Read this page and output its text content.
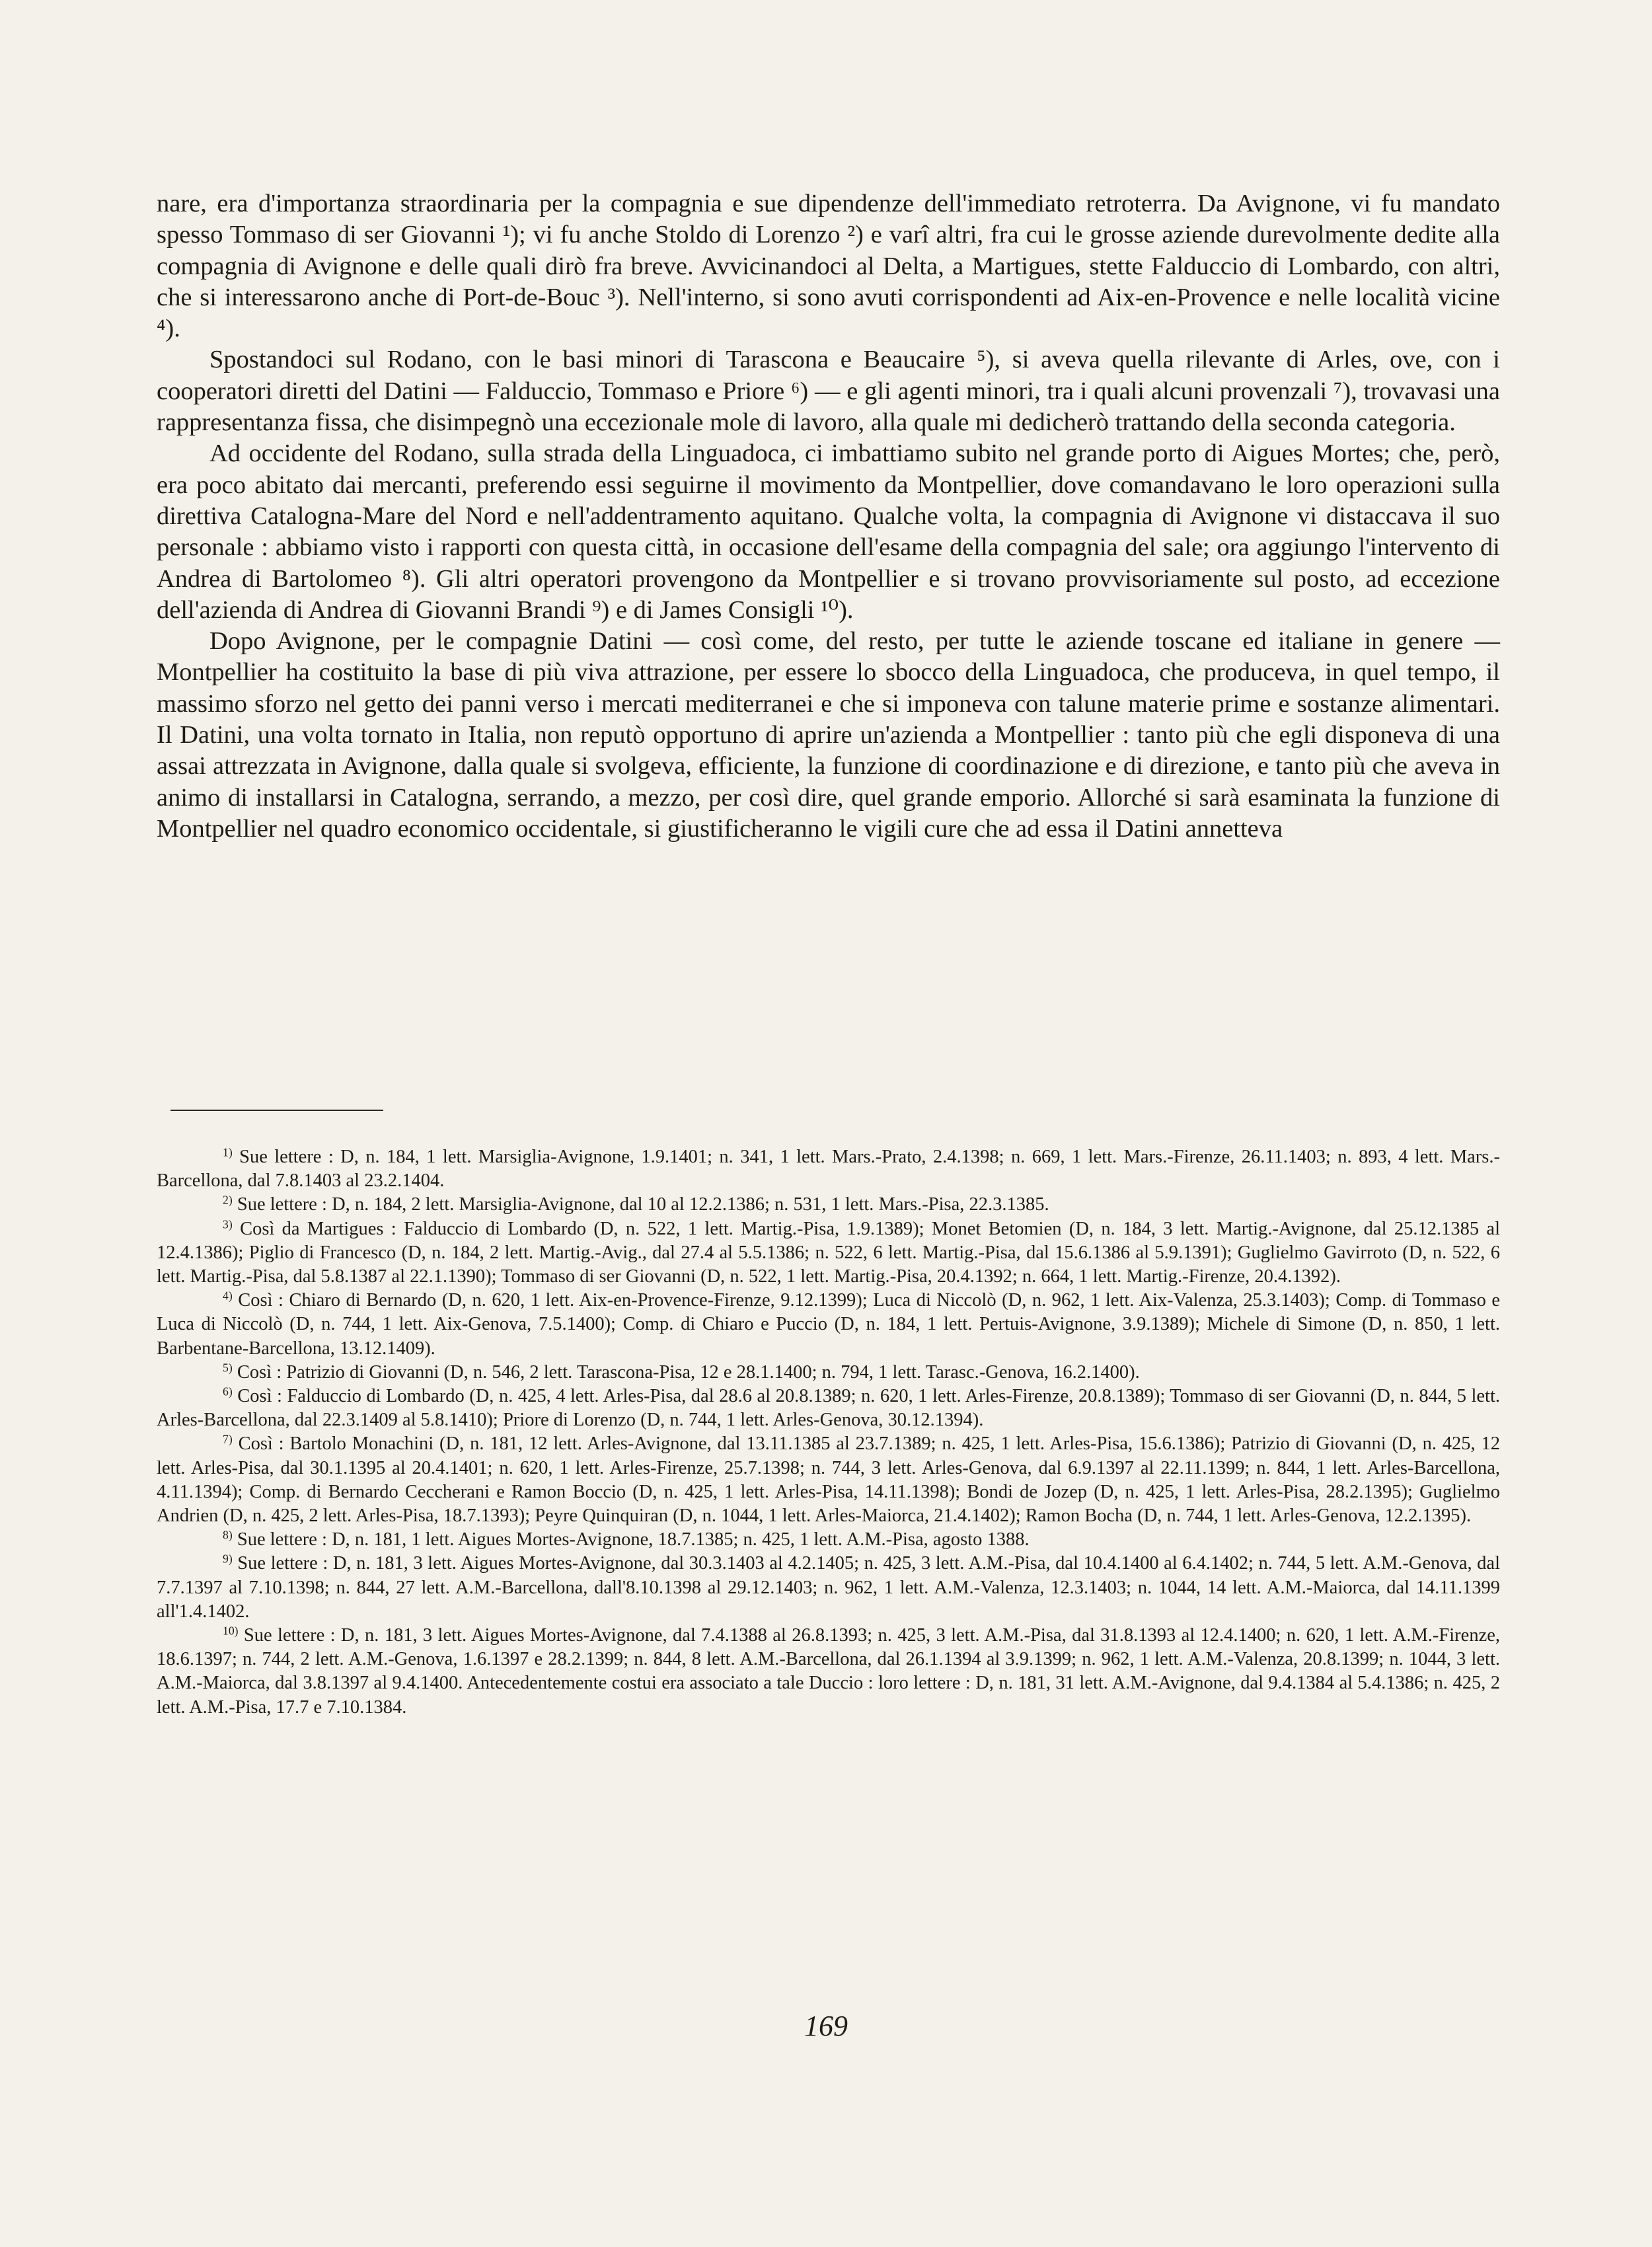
nare, era d'importanza straordinaria per la compagnia e sue dipendenze dell'immediato retroterra. Da Avignone, vi fu mandato spesso Tommaso di ser Giovanni ¹); vi fu anche Stoldo di Lorenzo ²) e varî altri, fra cui le grosse aziende durevolmente dedite alla compagnia di Avignone e delle quali dirò fra breve. Avvicinandoci al Delta, a Martigues, stette Falduccio di Lombardo, con altri, che si interessarono anche di Port-de-Bouc ³). Nell'interno, si sono avuti corrispondenti ad Aix-en-Provence e nelle località vicine ⁴).

Spostandoci sul Rodano, con le basi minori di Tarascona e Beaucaire ⁵), si aveva quella rilevante di Arles, ove, con i cooperatori diretti del Datini — Falduccio, Tommaso e Priore ⁶) — e gli agenti minori, tra i quali alcuni provenzali ⁷), trovavasi una rappresentanza fissa, che disimpegnò una eccezionale mole di lavoro, alla quale mi dedicherò trattando della seconda categoria.

Ad occidente del Rodano, sulla strada della Linguadoca, ci imbattiamo subito nel grande porto di Aigues Mortes; che, però, era poco abitato dai mercanti, preferendo essi seguirne il movimento da Montpellier, dove comandavano le loro operazioni sulla direttiva Catalogna-Mare del Nord e nell'addentramento aquitano. Qualche volta, la compagnia di Avignone vi distaccava il suo personale : abbiamo visto i rapporti con questa città, in occasione dell'esame della compagnia del sale; ora aggiungo l'intervento di Andrea di Bartolomeo ⁸). Gli altri operatori provengono da Montpellier e si trovano provvisoriamente sul posto, ad eccezione dell'azienda di Andrea di Giovanni Brandi ⁹) e di James Consigli ¹⁰).

Dopo Avignone, per le compagnie Datini — così come, del resto, per tutte le aziende toscane ed italiane in genere — Montpellier ha costituito la base di più viva attrazione, per essere lo sbocco della Linguadoca, che produceva, in quel tempo, il massimo sforzo nel getto dei panni verso i mercati mediterranei e che si imponeva con talune materie prime e sostanze alimentari. Il Datini, una volta tornato in Italia, non reputò opportuno di aprire un'azienda a Montpellier : tanto più che egli disponeva di una assai attrezzata in Avignone, dalla quale si svolgeva, efficiente, la funzione di coordinazione e di direzione, e tanto più che aveva in animo di installarsi in Catalogna, serrando, a mezzo, per così dire, quel grande emporio. Allorché si sarà esaminata la funzione di Montpellier nel quadro economico occidentale, si giustificheranno le vigili cure che ad essa il Datini annetteva

$^{1)}$ Sue lettere : D, n. 184, 1 lett. Marsiglia-Avignone, 1.9.1401; n. 341, 1 lett. Mars.-Prato, 2.4.1398; n. 669, 1 lett. Mars.-Firenze, 26.11.1403; n. 893, 4 lett. Mars.-Barcellona, dal 7.8.1403 al 23.2.1404.

$^{2)}$ Sue lettere : D, n. 184, 2 lett. Marsiglia-Avignone, dal 10 al 12.2.1386; n. 531, 1 lett. Mars.-Pisa, 22.3.1385.

$^{3)}$ Così da Martigues : Falduccio di Lombardo (D, n. 522, 1 lett. Martig.-Pisa, 1.9.1389); Monet Betomien (D, n. 184, 3 lett. Martig.-Avignone, dal 25.12.1385 al 12.4.1386); Piglio di Francesco (D, n. 184, 2 lett. Martig.-Avig., dal 27.4 al 5.5.1386; n. 522, 6 lett. Martig.-Pisa, dal 15.6.1386 al 5.9.1391); Guglielmo Gavirroto (D, n. 522, 6 lett. Martig.-Pisa, dal 5.8.1387 al 22.1.1390); Tommaso di ser Giovanni (D, n. 522, 1 lett. Martig.-Pisa, 20.4.1392; n. 664, 1 lett. Martig.-Firenze, 20.4.1392).

$^{4)}$ Così : Chiaro di Bernardo (D, n. 620, 1 lett. Aix-en-Provence-Firenze, 9.12.1399); Luca di Niccolò (D, n. 962, 1 lett. Aix-Valenza, 25.3.1403); Comp. di Tommaso e Luca di Niccolò (D, n. 744, 1 lett. Aix-Genova, 7.5.1400); Comp. di Chiaro e Puccio (D, n. 184, 1 lett. Pertuis-Avignone, 3.9.1389); Michele di Simone (D, n. 850, 1 lett. Barbentane-Barcellona, 13.12.1409).

$^{5)}$ Così : Patrizio di Giovanni (D, n. 546, 2 lett. Tarascona-Pisa, 12 e 28.1.1400; n. 794, 1 lett. Tarasc.-Genova, 16.2.1400).

$^{6)}$ Così : Falduccio di Lombardo (D, n. 425, 4 lett. Arles-Pisa, dal 28.6 al 20.8.1389; n. 620, 1 lett. Arles-Firenze, 20.8.1389); Tommaso di ser Giovanni (D, n. 844, 5 lett. Arles-Barcellona, dal 22.3.1409 al 5.8.1410); Priore di Lorenzo (D, n. 744, 1 lett. Arles-Genova, 30.12.1394).

$^{7)}$ Così : Bartolo Monachini (D, n. 181, 12 lett. Arles-Avignone, dal 13.11.1385 al 23.7.1389; n. 425, 1 lett. Arles-Pisa, 15.6.1386); Patrizio di Giovanni (D, n. 425, 12 lett. Arles-Pisa, dal 30.1.1395 al 20.4.1401; n. 620, 1 lett. Arles-Firenze, 25.7.1398; n. 744, 3 lett. Arles-Genova, dal 6.9.1397 al 22.11.1399; n. 844, 1 lett. Arles-Barcellona, 4.11.1394); Comp. di Bernardo Ceccherani e Ramon Boccio (D, n. 425, 1 lett. Arles-Pisa, 14.11.1398); Bondi de Jozep (D, n. 425, 1 lett. Arles-Pisa, 28.2.1395); Guglielmo Andrien (D, n. 425, 2 lett. Arles-Pisa, 18.7.1393); Peyre Quinquiran (D, n. 1044, 1 lett. Arles-Maiorca, 21.4.1402); Ramon Bocha (D, n. 744, 1 lett. Arles-Genova, 12.2.1395).

$^{8)}$ Sue lettere : D, n. 181, 1 lett. Aigues Mortes-Avignone, 18.7.1385; n. 425, 1 lett. A.M.-Pisa, agosto 1388.

$^{9)}$ Sue lettere : D, n. 181, 3 lett. Aigues Mortes-Avignone, dal 30.3.1403 al 4.2.1405; n. 425, 3 lett. A.M.-Pisa, dal 10.4.1400 al 6.4.1402; n. 744, 5 lett. A.M.-Genova, dal 7.7.1397 al 7.10.1398; n. 844, 27 lett. A.M.-Barcellona, dall'8.10.1398 al 29.12.1403; n. 962, 1 lett. A.M.-Valenza, 12.3.1403; n. 1044, 14 lett. A.M.-Maiorca, dal 14.11.1399 all'1.4.1402.

$^{10)}$ Sue lettere : D, n. 181, 3 lett. Aigues Mortes-Avignone, dal 7.4.1388 al 26.8.1393; n. 425, 3 lett. A.M.-Pisa, dal 31.8.1393 al 12.4.1400; n. 620, 1 lett. A.M.-Firenze, 18.6.1397; n. 744, 2 lett. A.M.-Genova, 1.6.1397 e 28.2.1399; n. 844, 8 lett. A.M.-Barcellona, dal 26.1.1394 al 3.9.1399; n. 962, 1 lett. A.M.-Valenza, 20.8.1399; n. 1044, 3 lett. A.M.-Maiorca, dal 3.8.1397 al 9.4.1400. Antecedentemente costui era associato a tale Duccio : loro lettere : D, n. 181, 31 lett. A.M.-Avignone, dal 9.4.1384 al 5.4.1386; n. 425, 2 lett. A.M.-Pisa, 17.7 e 7.10.1384.

169
